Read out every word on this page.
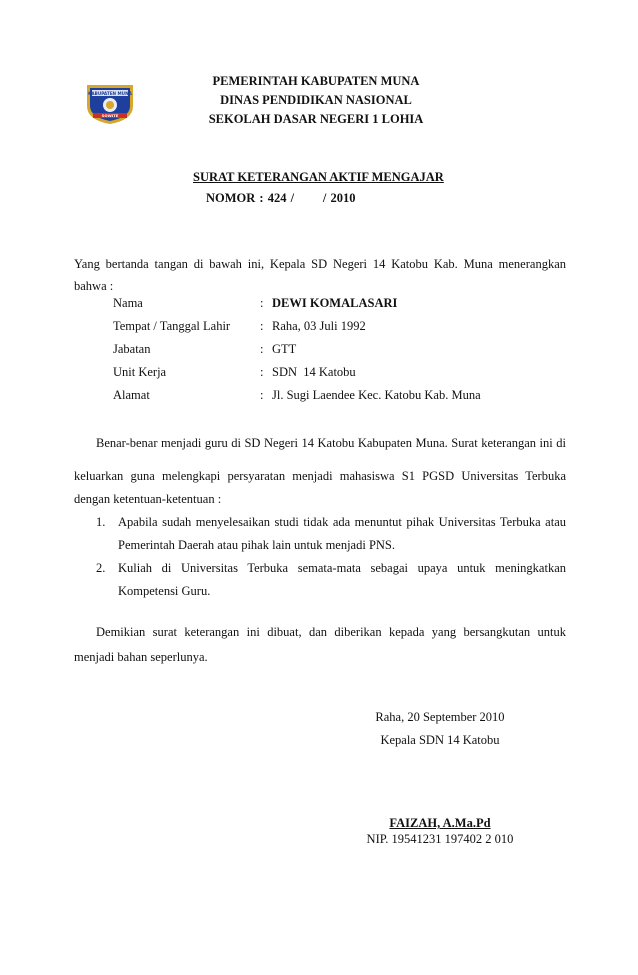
KABUPATEN MUNA
SOWITE
PEMERINTAH KABUPATEN MUNA
DINAS PENDIDIKAN NASIONAL
SEKOLAH DASAR NEGERI 1 LOHIA
SURAT KETERANGAN AKTIF MENGAJAR
NOMOR : 424 /       / 2010
Yang bertanda tangan di bawah ini, Kepala SD Negeri 14 Katobu Kab. Muna menerangkan
bahwa :
Nama	: DEWI KOMALASARI
Tempat / Tanggal Lahir : Raha, 03 Juli 1992
Jabatan	: GTT
Unit Kerja	: SDN  14 Katobu
Alamat	: Jl. Sugi Laendee Kec. Katobu Kab. Muna
Benar-benar menjadi guru di SD Negeri 14 Katobu Kabupaten Muna. Surat keterangan ini di
keluarkan guna melengkapi persyaratan menjadi mahasiswa S1 PGSD Universitas Terbuka
dengan ketentuan-ketentuan :
1. Apabila sudah menyelesaikan studi tidak ada menuntut pihak Universitas Terbuka atau
Pemerintah Daerah atau pihak lain untuk menjadi PNS.
2. Kuliah di Universitas Terbuka semata-mata sebagai upaya untuk meningkatkan
Kompetensi Guru.
Demikian surat keterangan ini dibuat, dan diberikan kepada yang bersangkutan untuk
menjadi bahan seperlunya.
Raha, 20 September 2010
Kepala SDN 14 Katobu
FAIZAH, A.Ma.Pd
NIP. 19541231 197402 2 010
